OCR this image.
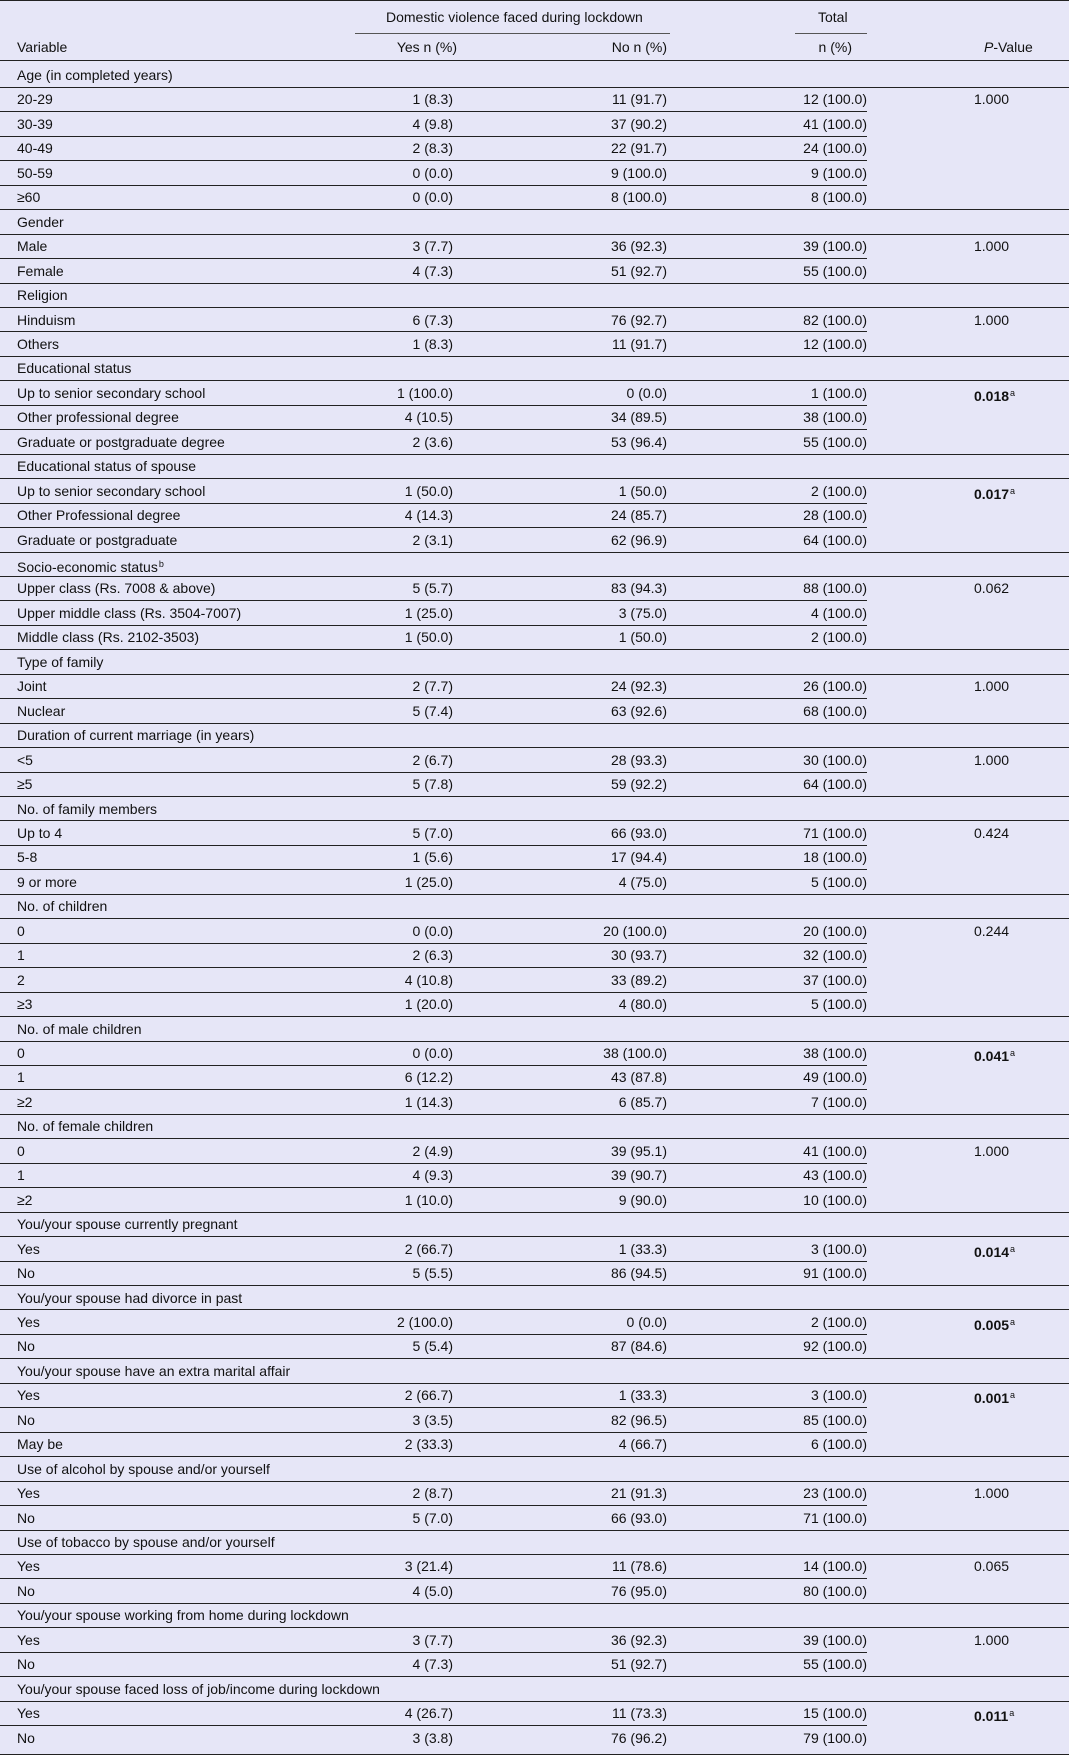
Domestic violence faced during lockdown	Total
Variable	Yes n (%)	No n (%)	n (%)	P-Value
Age (in completed years)
20-29	1 (8.3)	11 (91.7)	12 (100.0)	1.000
30-39	4 (9.8)	37 (90.2)	41 (100.0)
40-49	2 (8.3)	22 (91.7)	24 (100.0)
50-59	0 (0.0)	9 (100.0)	9 (100.0)
≥60	0 (0.0)	8 (100.0)	8 (100.0)
Gender
Male	3 (7.7)	36 (92.3)	39 (100.0)	1.000
Female	4 (7.3)	51 (92.7)	55 (100.0)
Religion
Hinduism	6 (7.3)	76 (92.7)	82 (100.0)	1.000
Others	1 (8.3)	11 (91.7)	12 (100.0)
Educational status
Up to senior secondary school	1 (100.0)	0 (0.0)	1 (100.0)	0.018$^a$
Other professional degree	4 (10.5)	34 (89.5)	38 (100.0)
Graduate or postgraduate degree	2 (3.6)	53 (96.4)	55 (100.0)
Educational status of spouse
Up to senior secondary school	1 (50.0)	1 (50.0)	2 (100.0)	0.017$^a$
Other Professional degree	4 (14.3)	24 (85.7)	28 (100.0)
Graduate or postgraduate	2 (3.1)	62 (96.9)	64 (100.0)
Socio-economic status$^b$
Upper class (Rs. 7008 & above)	5 (5.7)	83 (94.3)	88 (100.0)	0.062
Upper middle class (Rs. 3504-7007)	1 (25.0)	3 (75.0)	4 (100.0)
Middle class (Rs. 2102-3503)	1 (50.0)	1 (50.0)	2 (100.0)
Type of family
Joint	2 (7.7)	24 (92.3)	26 (100.0)	1.000
Nuclear	5 (7.4)	63 (92.6)	68 (100.0)
Duration of current marriage (in years)
<5	2 (6.7)	28 (93.3)	30 (100.0)	1.000
≥5	5 (7.8)	59 (92.2)	64 (100.0)
No. of family members
Up to 4	5 (7.0)	66 (93.0)	71 (100.0)	0.424
5-8	1 (5.6)	17 (94.4)	18 (100.0)
9 or more	1 (25.0)	4 (75.0)	5 (100.0)
No. of children
0	0 (0.0)	20 (100.0)	20 (100.0)	0.244
1	2 (6.3)	30 (93.7)	32 (100.0)
2	4 (10.8)	33 (89.2)	37 (100.0)
≥3	1 (20.0)	4 (80.0)	5 (100.0)
No. of male children
0	0 (0.0)	38 (100.0)	38 (100.0)	0.041$^a$
1	6 (12.2)	43 (87.8)	49 (100.0)
≥2	1 (14.3)	6 (85.7)	7 (100.0)
No. of female children
0	2 (4.9)	39 (95.1)	41 (100.0)	1.000
1	4 (9.3)	39 (90.7)	43 (100.0)
≥2	1 (10.0)	9 (90.0)	10 (100.0)
You/your spouse currently pregnant
Yes	2 (66.7)	1 (33.3)	3 (100.0)	0.014$^a$
No	5 (5.5)	86 (94.5)	91 (100.0)
You/your spouse had divorce in past
Yes	2 (100.0)	0 (0.0)	2 (100.0)	0.005$^a$
No	5 (5.4)	87 (84.6)	92 (100.0)
You/your spouse have an extra marital affair
Yes	2 (66.7)	1 (33.3)	3 (100.0)	0.001$^a$
No	3 (3.5)	82 (96.5)	85 (100.0)
May be	2 (33.3)	4 (66.7)	6 (100.0)
Use of alcohol by spouse and/or yourself
Yes	2 (8.7)	21 (91.3)	23 (100.0)	1.000
No	5 (7.0)	66 (93.0)	71 (100.0)
Use of tobacco by spouse and/or yourself
Yes	3 (21.4)	11 (78.6)	14 (100.0)	0.065
No	4 (5.0)	76 (95.0)	80 (100.0)
You/your spouse working from home during lockdown
Yes	3 (7.7)	36 (92.3)	39 (100.0)	1.000
No	4 (7.3)	51 (92.7)	55 (100.0)
You/your spouse faced loss of job/income during lockdown
Yes	4 (26.7)	11 (73.3)	15 (100.0)	0.011$^a$
No	3 (3.8)	76 (96.2)	79 (100.0)
